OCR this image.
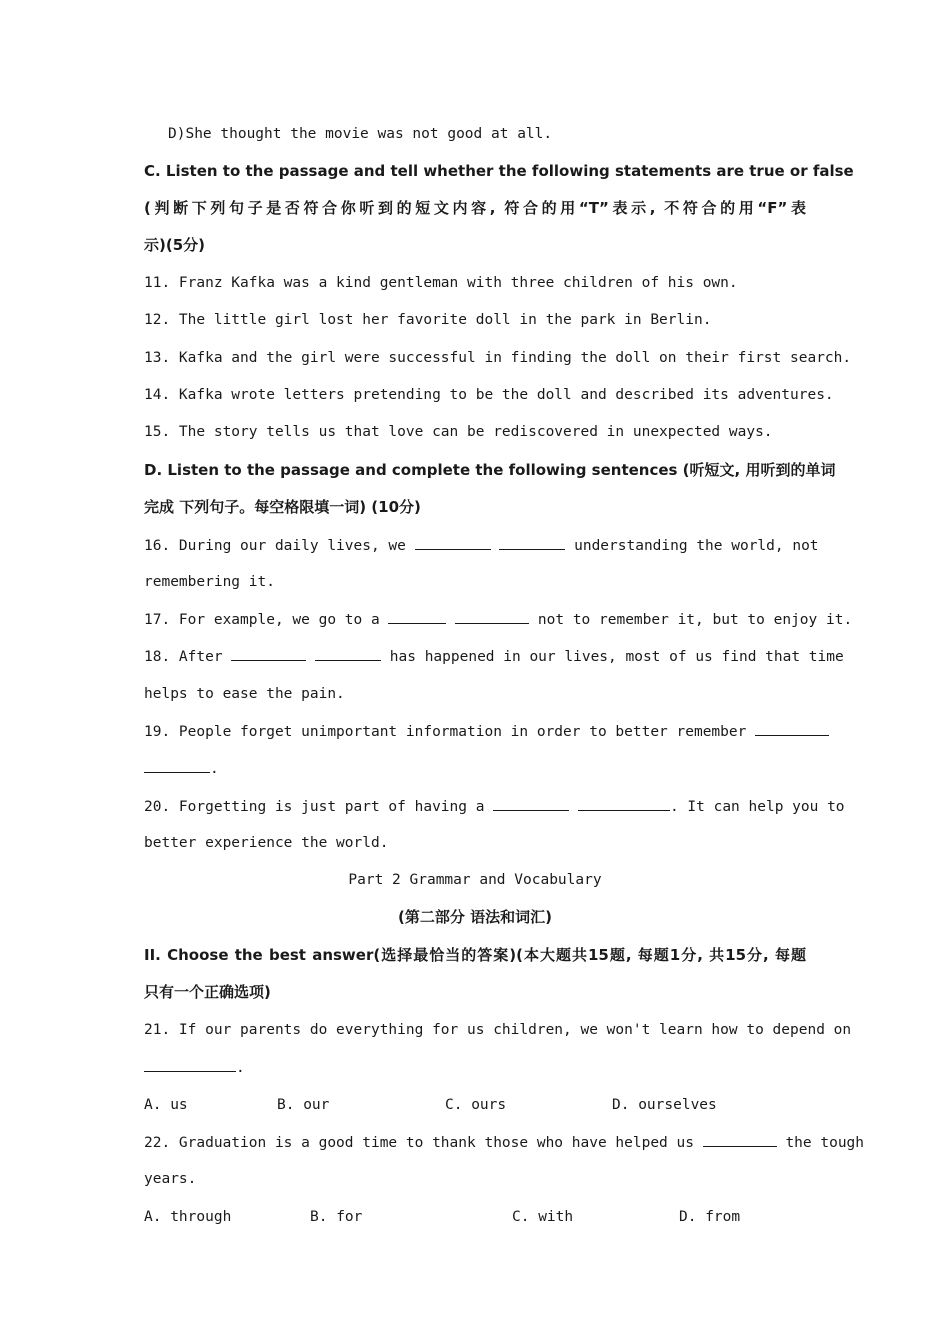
D)She thought the movie was not good at all.
C. Listen to the passage and tell whether the following statements are true or false
(判断下列句子是否符合你听到的短文内容, 符合的用“T”表示, 不符合的用“F”表
示)(5分)
11. Franz Kafka was a kind gentleman with three children of his own.
12. The little girl lost her favorite doll in the park in Berlin.
13. Kafka and the girl were successful in finding the doll on their first search.
14. Kafka wrote letters pretending to be the doll and described its adventures.
15. The story tells us that love can be rediscovered in unexpected ways.
D. Listen to the passage and complete the following sentences (听短文, 用听到的单词
完成 下列句子。每空格限填一词) (10分)
16. During our daily lives, we	understanding the world, not
remembering it.
17. For example, we go to a	not to remember it, but to enjoy it.
18. After	has happened in our lives, most of us find that time
helps to ease the pain.
19. People forget unimportant information in order to better remember
.
20. Forgetting is just part of having a	. It can help you to
better experience the world.
Part 2 Grammar and Vocabulary
(第二部分 语法和词汇)
II. Choose the best answer(选择最恰当的答案)(本大题共15题, 每题1分, 共15分, 每题
只有一个正确选项)
21. If our parents do everything for us children, we won't learn how to depend on
.
A. us	B. our	C. ours	D. ourselves
22. Graduation is a good time to thank those who have helped us	the tough
years.
A. through	B. for	C. with	D. from
